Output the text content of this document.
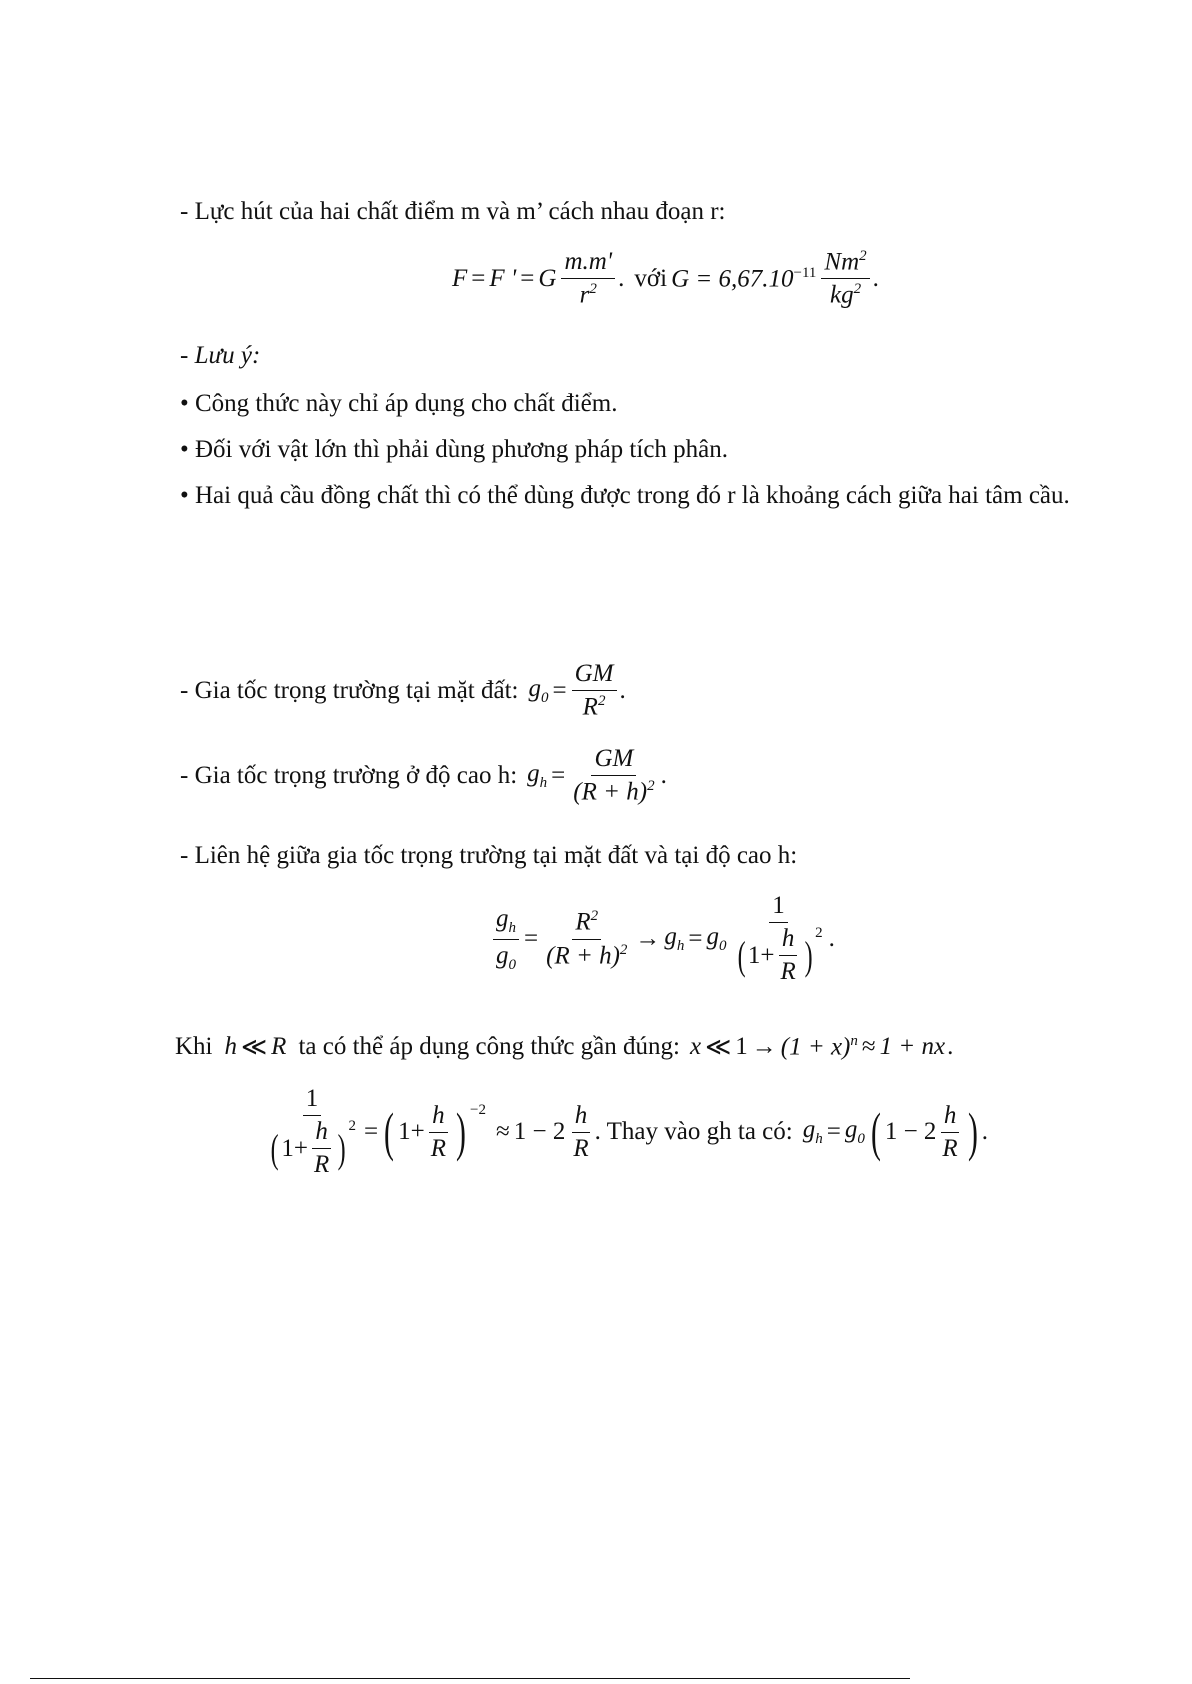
- Lực hút của hai chất điểm m và m’ cách nhau đoạn r:
F = F ' = G $\frac{m.m'}{r^2}$ . với $G = 6,67.10^{-11} \frac{Nm^2}{kg^2}$ .
- Lưu ý:
• Công thức này chỉ áp dụng cho chất điểm.
• Đối với vật lớn thì phải dùng phương pháp tích phân.
• Hai quả cầu đồng chất thì có thể dùng được trong đó r là khoảng cách giữa hai tâm cầu.
- Gia tốc trọng trường tại mặt đất: $g_0 = \frac{GM}{R^2}$ .
- Gia tốc trọng trường ở độ cao h: $g_h = \frac{GM}{(R + h)^2}$ .
- Liên hệ giữa gia tốc trọng trường tại mặt đất và tại độ cao h:
$\frac{g_h}{g_0} = \frac{R^2}{(R + h)^2} \to g_h = g_0 \frac{1}{( 1+ \frac{h}{R} )^2}$ .
Khi h ≪ R ta có thể áp dụng công thức gần đúng: x ≪ $1 \to (1 + x)^n \approx 1$ + nx .
$\frac{1}{( 1+ \frac{h}{R} )^2}$ = ( $1+ \frac{h}{R}$ ) $^{-2}$
≈ $1 - 2 \frac{h}{R}$ . Thay vào gh ta có: $g_h = g_0$ ( $1 - 2 \frac{h}{R}$ ) .
